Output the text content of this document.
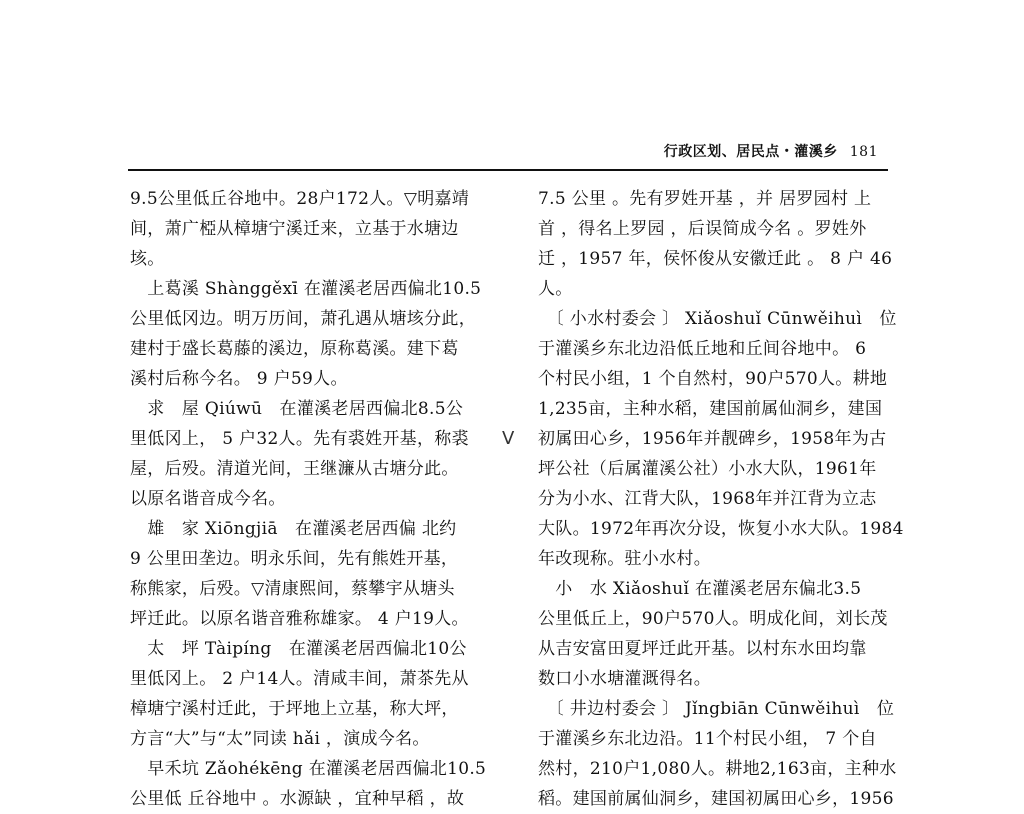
行政区划、居民点・灌溪乡 181
9.5公里低丘谷地中。28户172人。▽明嘉靖
间，萧广椏从樟塘宁溪迁来，立基于水塘边
垓。
　上葛溪 Shànggěxī 在灌溪老居西偏北10.5
公里低冈边。明万历间，萧孔遇从塘垓分此，
建村于盛长葛藤的溪边，原称葛溪。建下葛
溪村后称今名。 9 户59人。
　求　屋 Qiúwū　在灌溪老居西偏北8.5公
里低冈上， 5 户32人。先有裘姓开基，称裘
屋，后殁。清道光间，王继濂从古塘分此。
以原名谐音成今名。
　雄　家 Xiōngjiā　在灌溪老居西偏 北约
9 公里田垄边。明永乐间，先有熊姓开基，
称熊家，后殁。▽清康熙间，蔡攀宇从塘头
坪迁此。以原名谐音雅称雄家。 4 户19人。
　太　坪 Tàipíng　在灌溪老居西偏北10公
里低冈上。 2 户14人。清咸丰间，萧茶先从
樟塘宁溪村迁此，于坪地上立基，称大坪，
方言“大”与“太”同读 hǎi ，演成今名。
　早禾坑 Zǎohékēng 在灌溪老居西偏北10.5
公里低 丘谷地中 。水源缺 ，宜种早稻 ，故
V
7.5 公里 。先有罗姓开基 ，并 居罗园村 上
首 ，得名上罗园 ，后误简成今名 。罗姓外
迁 ，1957 年，侯怀俊从安徽迁此 。 8 户 46
人。
　〔 小水村委会 〕 Xiǎoshuǐ Cūnwěihuì　位
于灌溪乡东北边沿低丘地和丘间谷地中。 6
个村民小组，1 个自然村，90户570人。耕地
1,235亩，主种水稻，建国前属仙洞乡，建国
初属田心乡，1956年并靓碑乡，1958年为古
坪公社（后属灌溪公社）小水大队，1961年
分为小水、江背大队，1968年并江背为立志
大队。1972年再次分设，恢复小水大队。1984
年改现称。驻小水村。
　小　水 Xiǎoshuǐ 在灌溪老居东偏北3.5
公里低丘上，90户570人。明成化间，刘长茂
从吉安富田夏坪迁此开基。以村东水田均靠
数口小水塘灌溉得名。
　〔 井边村委会 〕 Jǐngbiān Cūnwěihuì　位
于灌溪乡东北边沿。11个村民小组， 7 个自
然村，210户1,080人。耕地2,163亩，主种水
稻。建国前属仙洞乡，建国初属田心乡，1956
